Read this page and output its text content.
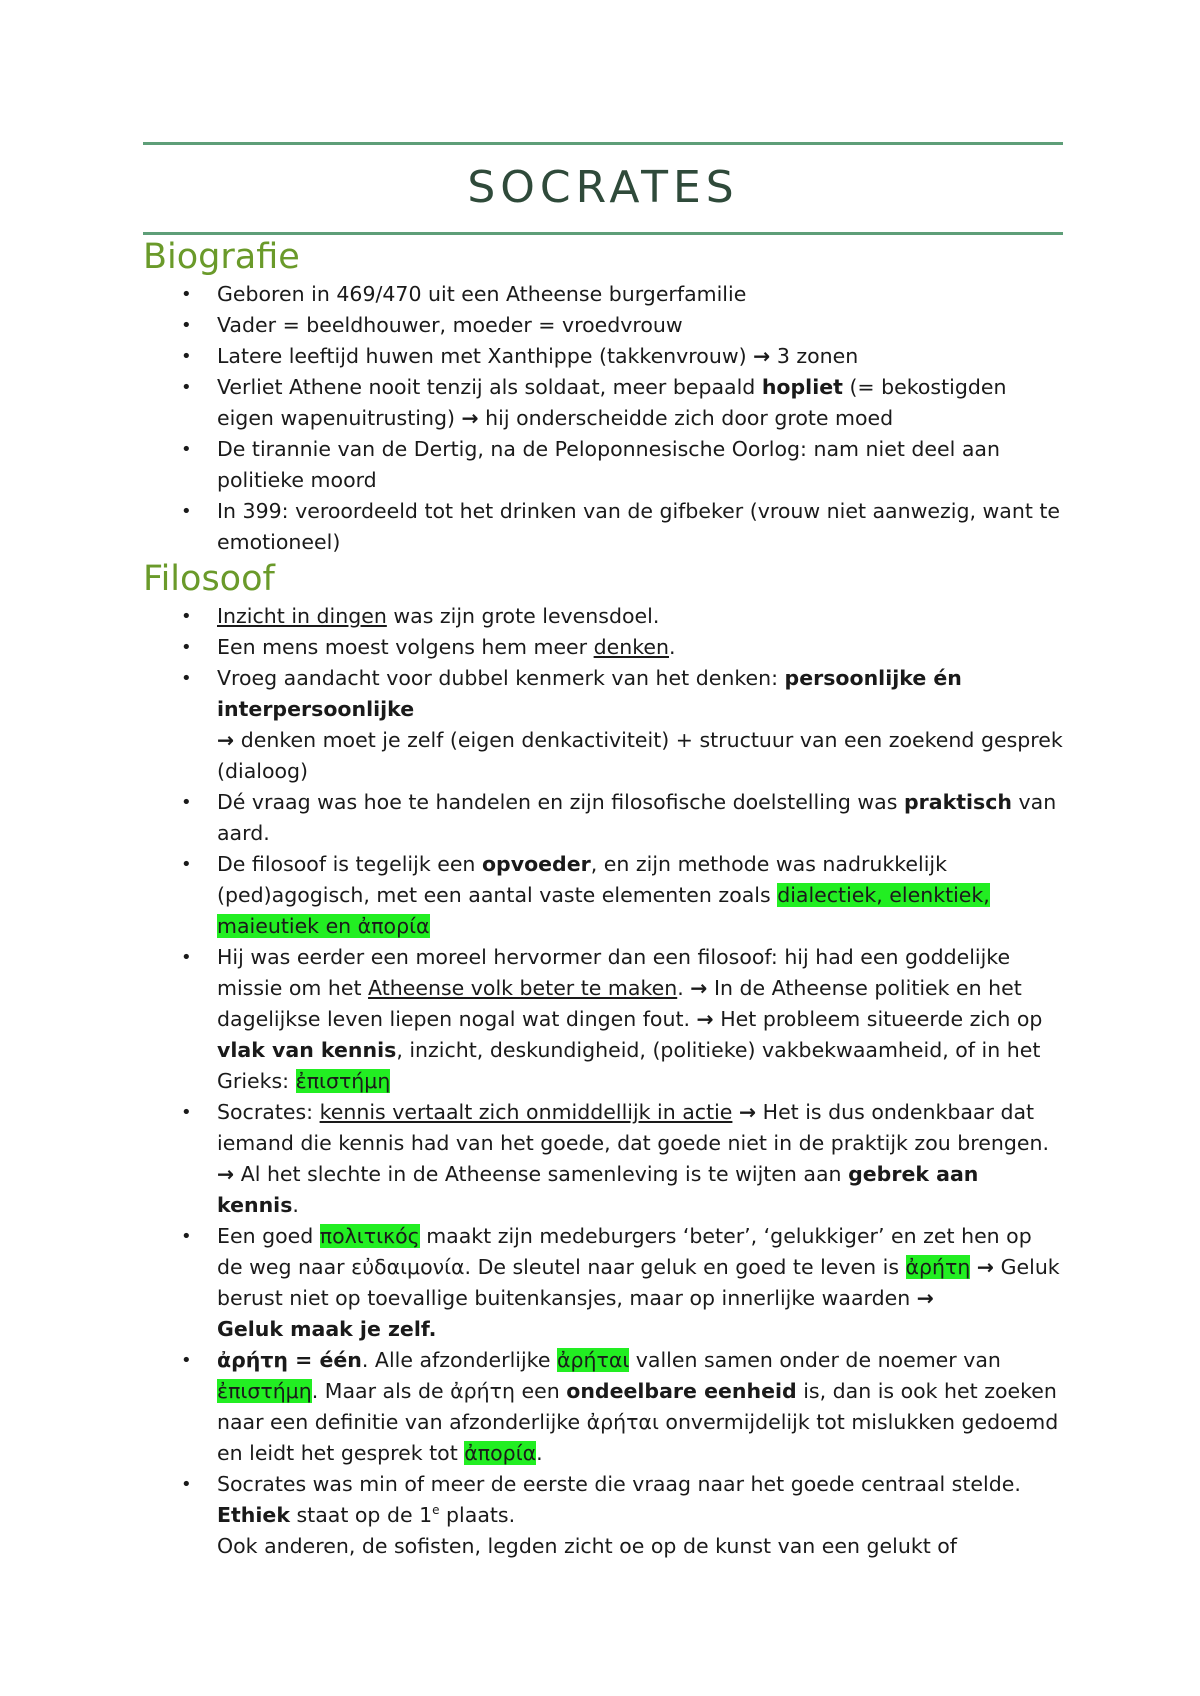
SOCRATES
Biografie
• Geboren in 469/470 uit een Atheense burgerfamilie
• Vader = beeldhouwer, moeder = vroedvrouw
• Latere leeftijd huwen met Xanthippe (takkenvrouw) → 3 zonen
• Verliet Athene nooit tenzij als soldaat, meer bepaald hopliet (= bekostigden eigen wapenuitrusting) → hij onderscheidde zich door grote moed
• De tirannie van de Dertig, na de Peloponnesische Oorlog: nam niet deel aan politieke moord
• In 399: veroordeeld tot het drinken van de gifbeker (vrouw niet aanwezig, want te emotioneel)
Filosoof
• Inzicht in dingen was zijn grote levensdoel.
• Een mens moest volgens hem meer denken.
• Vroeg aandacht voor dubbel kenmerk van het denken: persoonlijke én interpersoonlijke
→ denken moet je zelf (eigen denkactiviteit) + structuur van een zoekend gesprek (dialoog)
• Dé vraag was hoe te handelen en zijn filosofische doelstelling was praktisch van aard.
• De filosoof is tegelijk een opvoeder, en zijn methode was nadrukkelijk (ped)agogisch, met een aantal vaste elementen zoals dialectiek, elenktiek, maieutiek en ἀπορία
• Hij was eerder een moreel hervormer dan een filosoof: hij had een goddelijke missie om het Atheense volk beter te maken. → In de Atheense politiek en het dagelijkse leven liepen nogal wat dingen fout. → Het probleem situeerde zich op vlak van kennis, inzicht, deskundigheid, (politieke) vakbekwaamheid, of in het Grieks: ἐπιστήμη
• Socrates: kennis vertaalt zich onmiddellijk in actie → Het is dus ondenkbaar dat iemand die kennis had van het goede, dat goede niet in de praktijk zou brengen. → Al het slechte in de Atheense samenleving is te wijten aan gebrek aan kennis.
• Een goed πολιτικός maakt zijn medeburgers ‘beter’, ‘gelukkiger’ en zet hen op de weg naar εὐδαιμονία. De sleutel naar geluk en goed te leven is ἀρήτη → Geluk berust niet op toevallige buitenkansjes, maar op innerlijke waarden →
Geluk maak je zelf.
• ἀρήτη = één. Alle afzonderlijke ἀρήται vallen samen onder de noemer van ἐπιστήμη. Maar als de ἀρήτη een ondeelbare eenheid is, dan is ook het zoeken naar een definitie van afzonderlijke ἀρήται onvermijdelijk tot mislukken gedoemd en leidt het gesprek tot ἀπορία.
• Socrates was min of meer de eerste die vraag naar het goede centraal stelde.
Ethiek staat op de 1e plaats.
Ook anderen, de sofisten, legden zicht oe op de kunst van een gelukt of
